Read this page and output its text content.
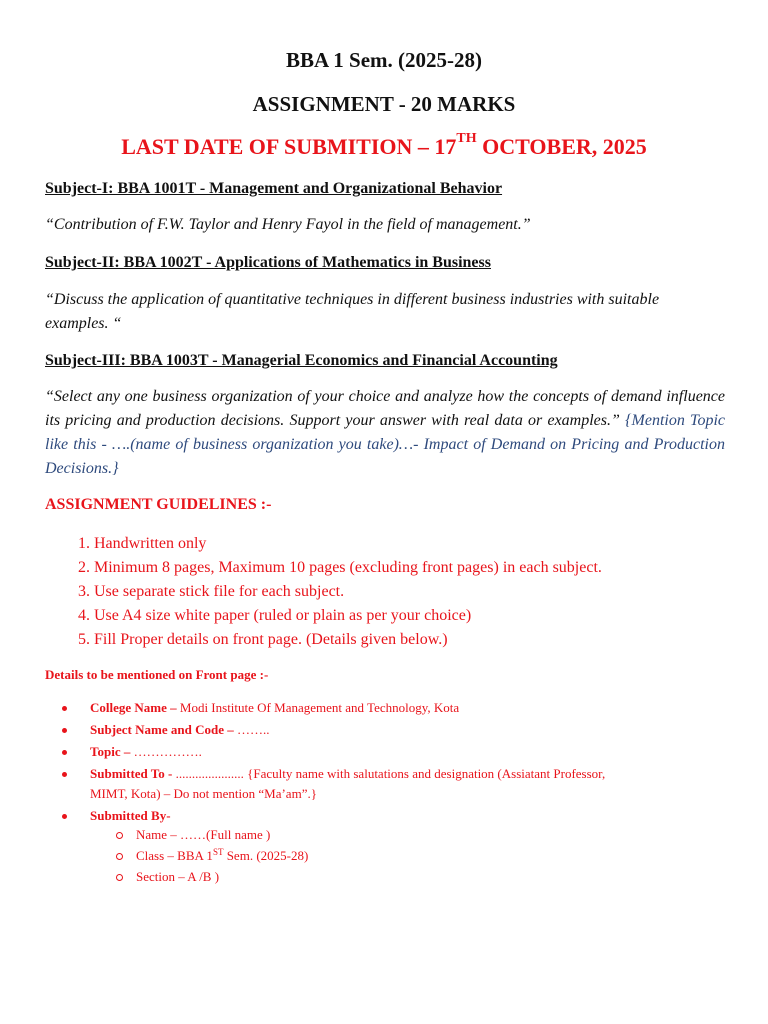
BBA 1 Sem. (2025-28)
ASSIGNMENT - 20 MARKS
LAST DATE OF SUBMITION – 17TH OCTOBER, 2025
Subject-I: BBA 1001T - Management and Organizational Behavior
“Contribution of F.W. Taylor and Henry Fayol in the field of management.”
Subject-II: BBA 1002T - Applications of Mathematics in Business
“Discuss the application of quantitative techniques in different business industries with suitable examples. “
Subject-III: BBA 1003T - Managerial Economics and Financial Accounting
“Select any one business organization of your choice and analyze how the concepts of demand influence its pricing and production decisions. Support your answer with real data or examples.” {Mention Topic like this - ….(name of business organization you take)…- Impact of Demand on Pricing and Production Decisions.}
ASSIGNMENT GUIDELINES :-
1. Handwritten only
2. Minimum 8 pages, Maximum 10 pages (excluding front pages) in each subject.
3. Use separate stick file for each subject.
4. Use A4 size white paper (ruled or plain as per your choice)
5. Fill Proper details on front page. (Details given below.)
Details to be mentioned on Front page :-
College Name – Modi Institute Of Management and Technology, Kota
Subject Name and Code – ……..
Topic – …………….
Submitted To - ..................... {Faculty name with salutations and designation (Assiatant Professor,
MIMT, Kota) – Do not mention “Ma’am”.}
Submitted By-
Name – ……(Full name )
Class – BBA 1ST Sem. (2025-28)
Section – A /B )
